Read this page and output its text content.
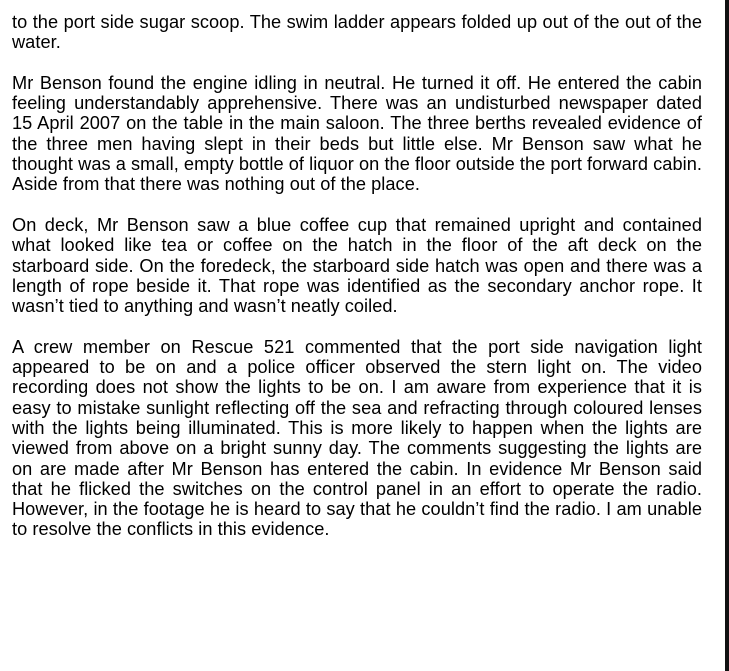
to the port side sugar scoop. The swim ladder appears folded up out of the out of the water.

Mr Benson found the engine idling in neutral. He turned it off. He entered the cabin feeling understandably apprehensive. There was an undisturbed newspaper dated 15 April 2007 on the table in the main saloon. The three berths revealed evidence of the three men having slept in their beds but little else. Mr Benson saw what he thought was a small, empty bottle of liquor on the floor outside the port forward cabin. Aside from that there was nothing out of the place.

On deck, Mr Benson saw a blue coffee cup that remained upright and contained what looked like tea or coffee on the hatch in the floor of the aft deck on the starboard side. On the foredeck, the starboard side hatch was open and there was a length of rope beside it. That rope was identified as the secondary anchor rope. It wasn’t tied to anything and wasn’t neatly coiled.

A crew member on Rescue 521 commented that the port side navigation light appeared to be on and a police officer observed the stern light on. The video recording does not show the lights to be on. I am aware from experience that it is easy to mistake sunlight reflecting off the sea and refracting through coloured lenses with the lights being illuminated. This is more likely to happen when the lights are viewed from above on a bright sunny day. The comments suggesting the lights are on are made after Mr Benson has entered the cabin. In evidence Mr Benson said that he flicked the switches on the control panel in an effort to operate the radio. However, in the footage he is heard to say that he couldn’t find the radio. I am unable to resolve the conflicts in this evidence.
